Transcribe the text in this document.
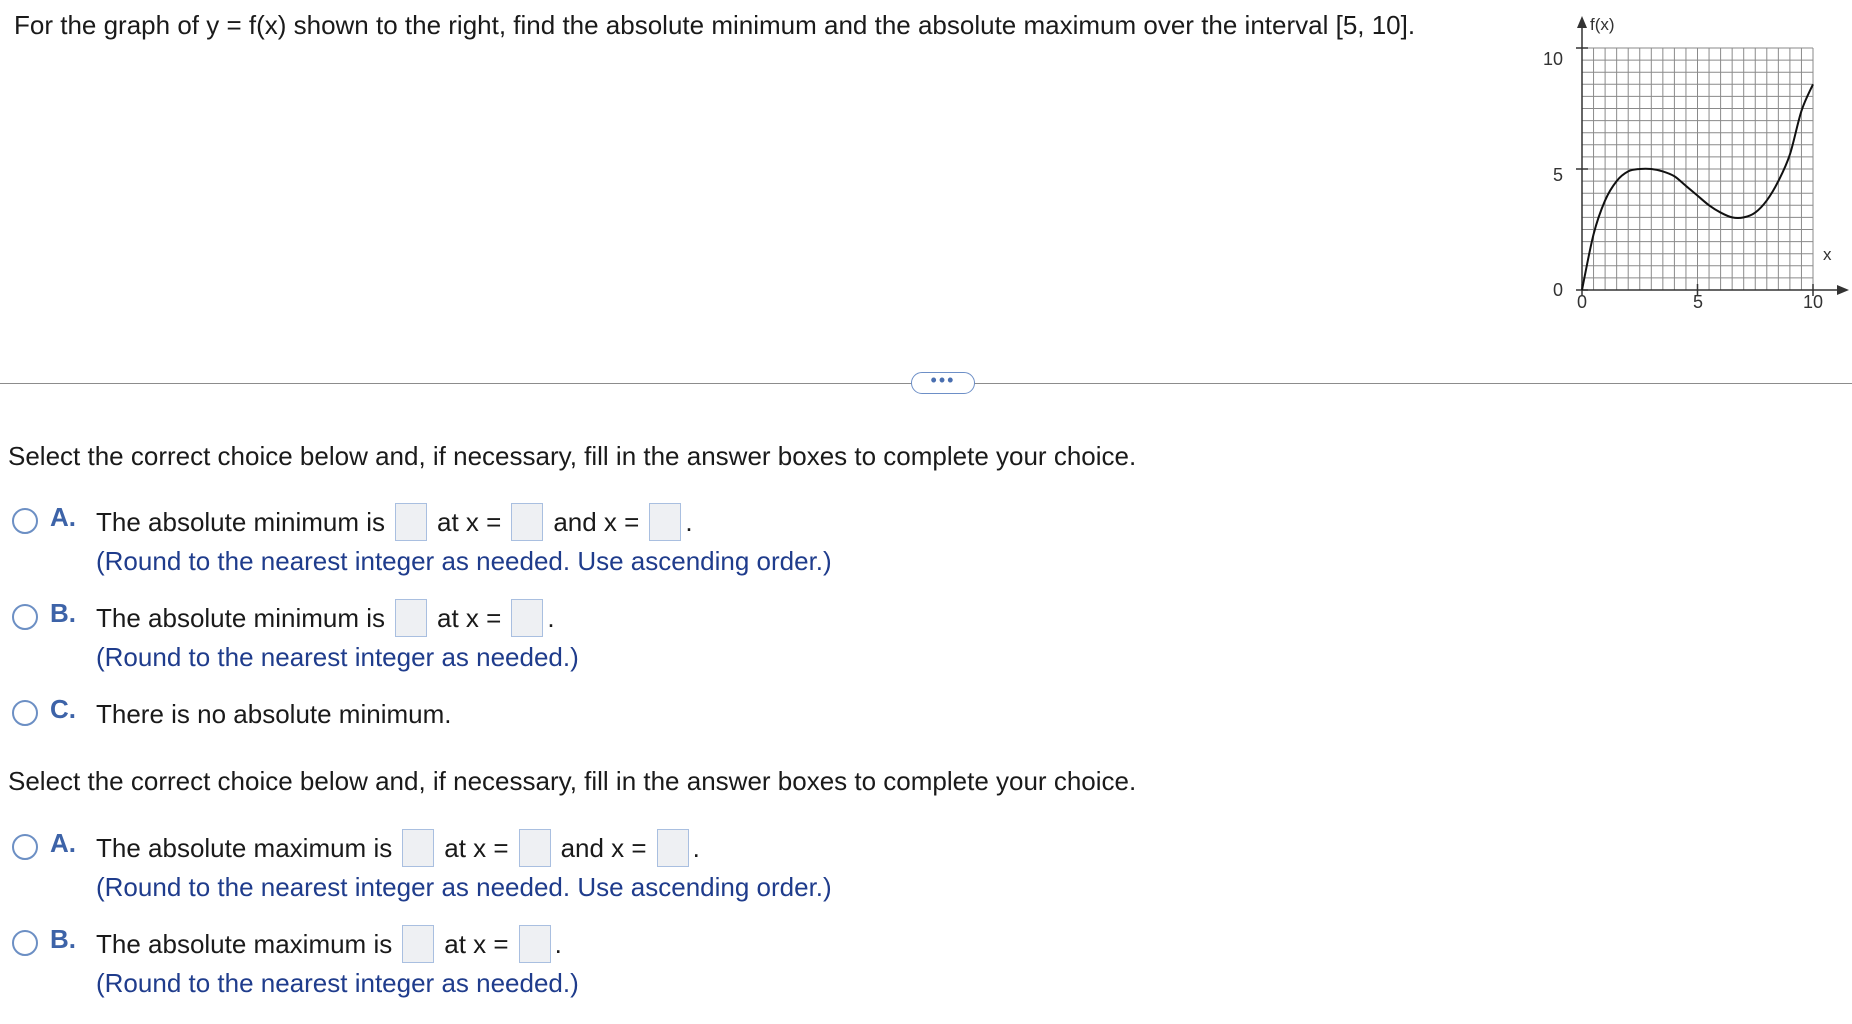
For the graph of y = f(x) shown to the right, find the absolute minimum and the absolute maximum over the interval [5, 10].	f(x)
x
10
5
0
0	5	10
•••
Select the correct choice below and, if necessary, fill in the answer boxes to complete your choice.
A. The absolute minimum is	at x =	and x =	.
(Round to the nearest integer as needed. Use ascending order.)
B. The absolute minimum is	at x =	.
(Round to the nearest integer as needed.)
C. There is no absolute minimum.
Select the correct choice below and, if necessary, fill in the answer boxes to complete your choice.
A. The absolute maximum is	at x =	and x =	.
(Round to the nearest integer as needed. Use ascending order.)
B. The absolute maximum is	at x =	.
(Round to the nearest integer as needed.)
